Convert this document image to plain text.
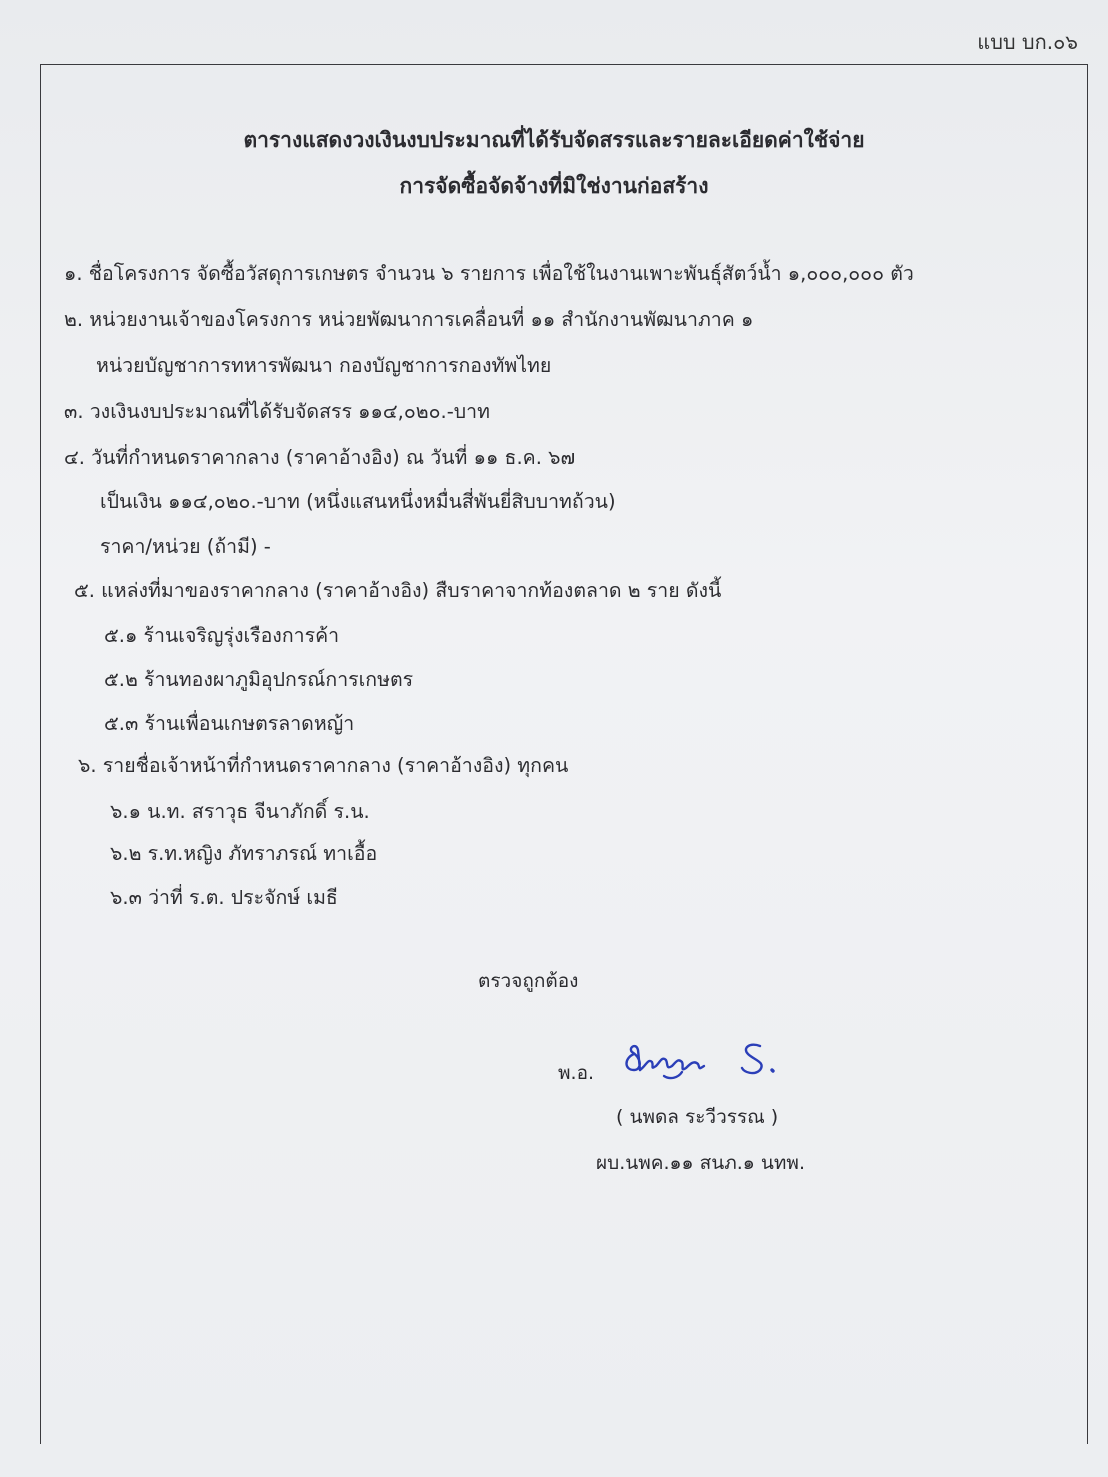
แบบ บก.๐๖
ตารางแสดงวงเงินงบประมาณที่ได้รับจัดสรรและรายละเอียดค่าใช้จ่าย
การจัดซื้อจัดจ้างที่มิใช่งานก่อสร้าง
๑. ชื่อโครงการ จัดซื้อวัสดุการเกษตร จำนวน ๖ รายการ เพื่อใช้ในงานเพาะพันธุ์สัตว์น้ำ ๑,๐๐๐,๐๐๐ ตัว
๒. หน่วยงานเจ้าของโครงการ หน่วยพัฒนาการเคลื่อนที่ ๑๑ สำนักงานพัฒนาภาค ๑
หน่วยบัญชาการทหารพัฒนา กองบัญชาการกองทัพไทย
๓. วงเงินงบประมาณที่ได้รับจัดสรร ๑๑๔,๐๒๐.-บาท
๔. วันที่กำหนดราคากลาง (ราคาอ้างอิง) ณ วันที่ ๑๑ ธ.ค. ๖๗
เป็นเงิน ๑๑๔,๐๒๐.-บาท (หนึ่งแสนหนึ่งหมื่นสี่พันยี่สิบบาทถ้วน)
ราคา/หน่วย (ถ้ามี) -
๕. แหล่งที่มาของราคากลาง (ราคาอ้างอิง) สืบราคาจากท้องตลาด ๒ ราย ดังนี้
๕.๑ ร้านเจริญรุ่งเรืองการค้า
๕.๒ ร้านทองผาภูมิอุปกรณ์การเกษตร
๕.๓ ร้านเพื่อนเกษตรลาดหญ้า
๖. รายชื่อเจ้าหน้าที่กำหนดราคากลาง (ราคาอ้างอิง) ทุกคน
๖.๑ น.ท. สราวุธ จีนาภักดิ์ ร.น.
๖.๒ ร.ท.หญิง ภัทราภรณ์ ทาเอื้อ
๖.๓ ว่าที่ ร.ต. ประจักษ์ เมธี
ตรวจถูกต้อง
พ.อ.
( นพดล ระวีวรรณ )
ผบ.นพค.๑๑ สนภ.๑ นทพ.
